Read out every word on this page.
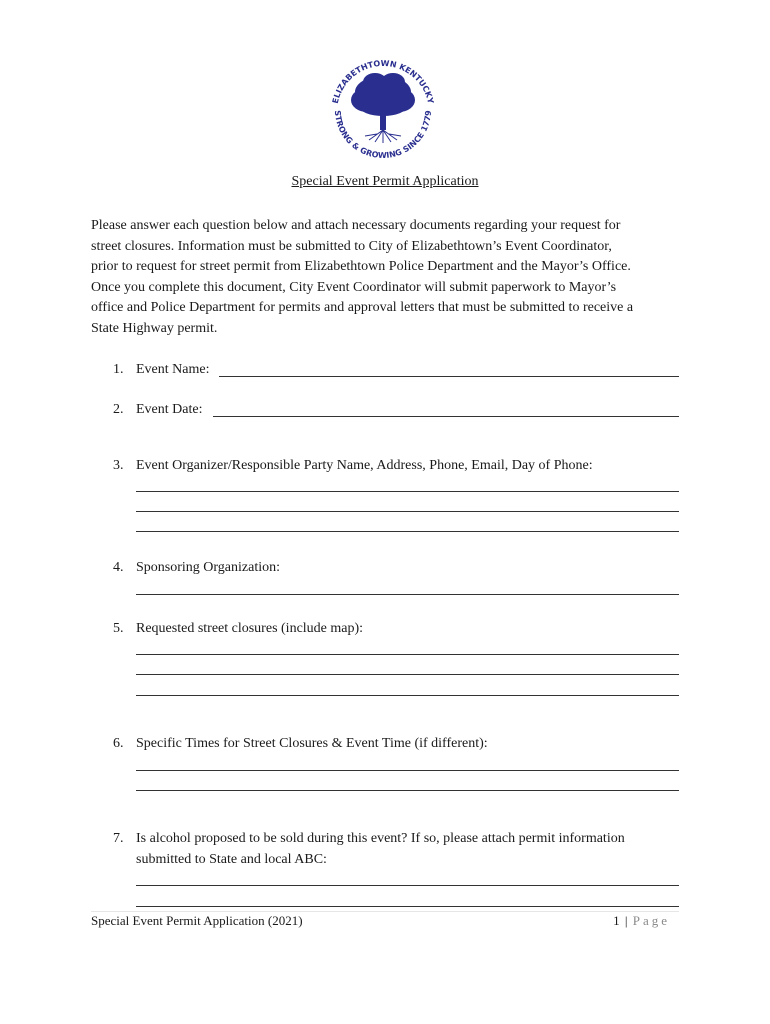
ELIZABETHTOWN KENTUCKY
STRONG & GROWING SINCE 1779
Special Event Permit Application
Please answer each question below and attach necessary documents regarding your request for
street closures. Information must be submitted to City of Elizabethtown’s Event Coordinator,
prior to request for street permit from Elizabethtown Police Department and the Mayor’s Office.
Once you complete this document, City Event Coordinator will submit paperwork to Mayor’s
office and Police Department for permits and approval letters that must be submitted to receive a
State Highway permit.
1. Event Name:
2. Event Date:
3. Event Organizer/Responsible Party Name, Address, Phone, Email, Day of Phone:
4. Sponsoring Organization:
5. Requested street closures (include map):
6. Specific Times for Street Closures & Event Time (if different):
7. Is alcohol proposed to be sold during this event? If so, please attach permit information
submitted to State and local ABC:
Special Event Permit Application (2021)	1 | Page
